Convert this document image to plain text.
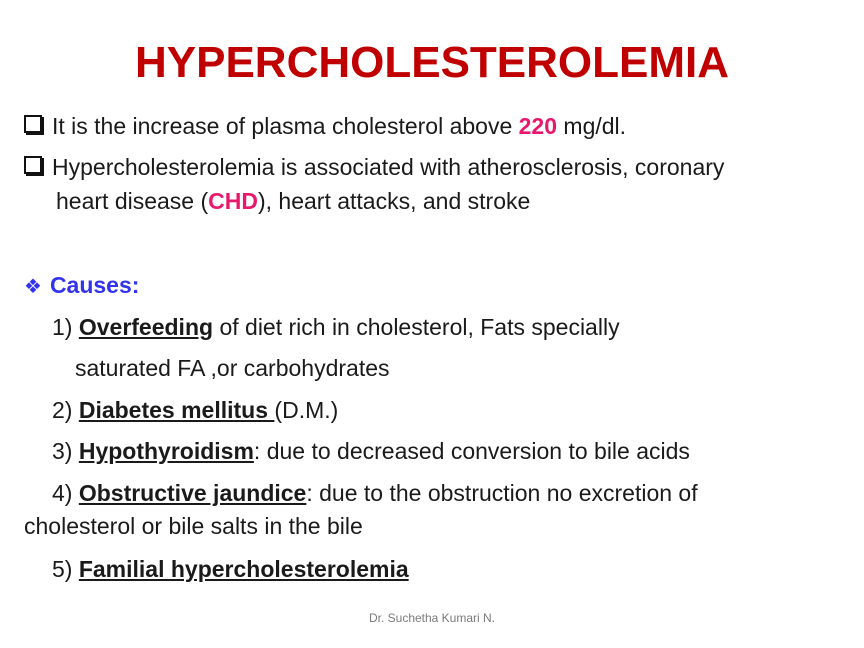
HYPERCHOLESTEROLEMIA
It is the increase of plasma cholesterol above 220 mg/dl.
Hypercholesterolemia is associated with atherosclerosis, coronary
heart disease (CHD), heart attacks, and stroke
❖ Causes:
1) Overfeeding of diet rich in cholesterol, Fats specially
saturated FA ,or carbohydrates
2) Diabetes mellitus (D.M.)
3) Hypothyroidism: due to decreased conversion to bile acids
4) Obstructive jaundice: due to the obstruction no excretion of
cholesterol or bile salts in the bile
5) Familial hypercholesterolemia
Dr. Suchetha Kumari N.
